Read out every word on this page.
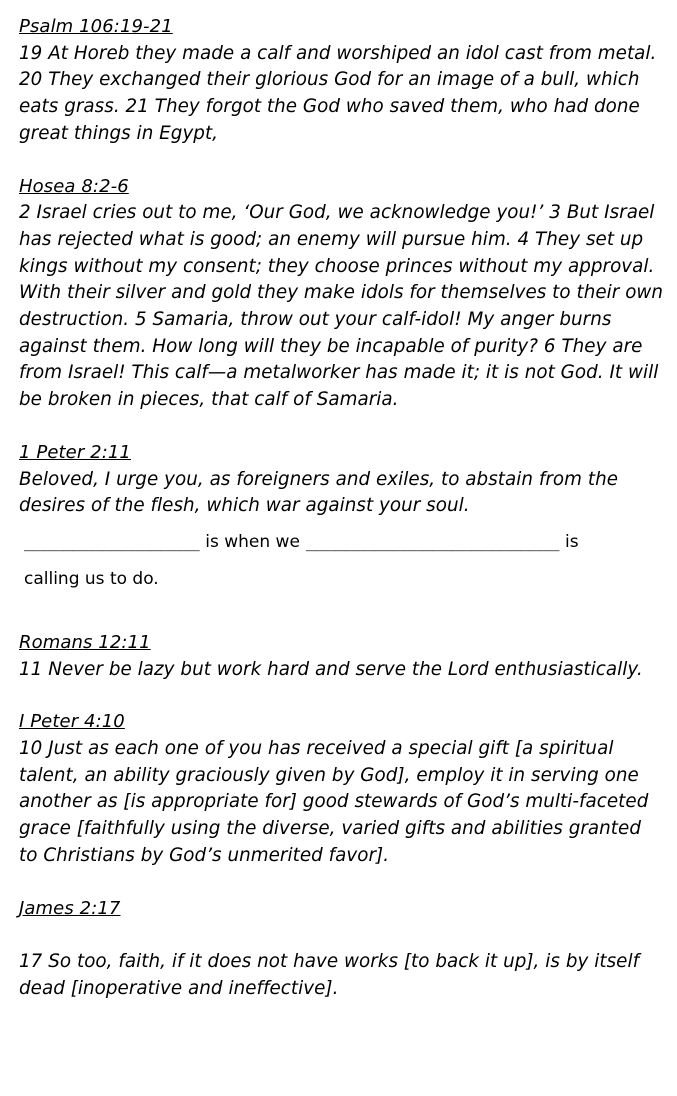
Psalm 106:19-21

19 At Horeb they made a calf and worshiped an idol cast from metal. 20 They exchanged their glorious God for an image of a bull, which eats grass. 21 They forgot the God who saved them, who had done great things in Egypt,

Hosea 8:2-6

2 Israel cries out to me, ‘Our God, we acknowledge you!’ 3 But Israel has rejected what is good; an enemy will pursue him. 4 They set up kings without my consent; they choose princes without my approval. With their silver and gold they make idols for themselves to their own destruction. 5 Samaria, throw out your calf-idol! My anger burns against them. How long will they be incapable of purity? 6 They are from Israel! This calf—a metalworker has made it; it is not God. It will be broken in pieces, that calf of Samaria.

1 Peter 2:11

Beloved, I urge you, as foreigners and exiles, to abstain from the desires of the flesh, which war against your soul.

__________________ is when we __________________________ is
calling us to do.
Romans 12:11

11 Never be lazy but work hard and serve the Lord enthusiastically.

I Peter 4:10

10 Just as each one of you has received a special gift [a spiritual talent, an ability graciously given by God], employ it in serving one another as [is appropriate for] good stewards of God’s multi-faceted grace [faithfully using the diverse, varied gifts and abilities granted to Christians by God’s unmerited favor].

James 2:17

17 So too, faith, if it does not have works [to back it up], is by itself dead [inoperative and ineffective].
